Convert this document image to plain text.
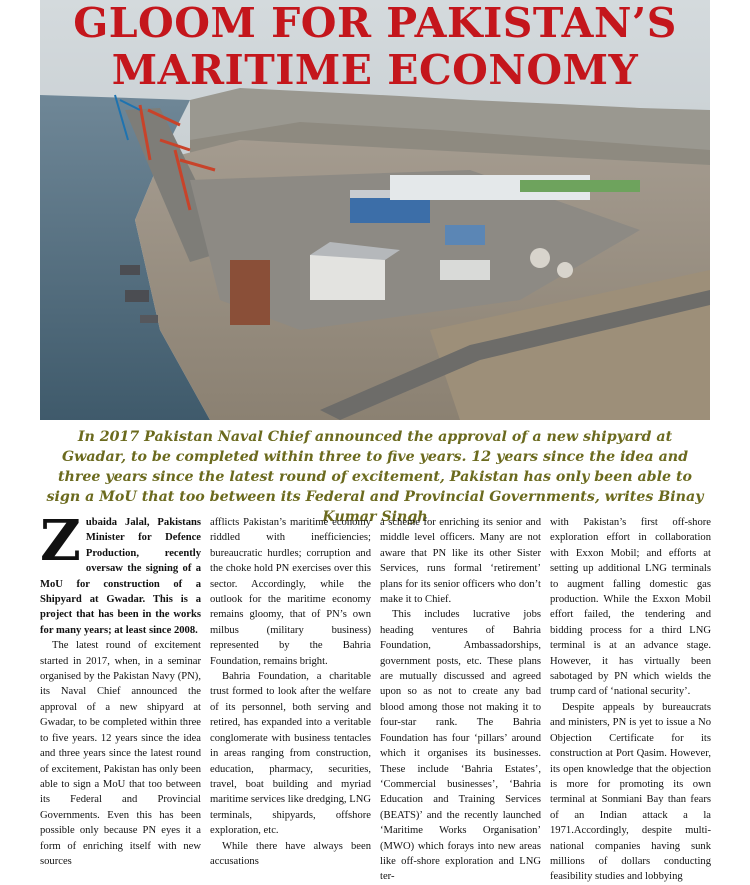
GLOOM FOR PAKISTAN’S
MARITIME ECONOMY

In 2017 Pakistan Naval Chief announced the approval of a new shipyard at Gwadar, to be completed within three to five years. 12 years since the idea and three years since the latest round of excitement, Pakistan has only been able to sign a MoU that too between its Federal and Provincial Governments, writes Binay Kumar Singh

Zubaida Jalal, Pakistans Minister for Defence Production, recently oversaw the signing of a MoU for construction of a Shipyard at Gwadar. This is a project that has been in the works for many years; at least since 2008.

The latest round of excitement started in 2017, when, in a seminar organised by the Pakistan Navy (PN), its Naval Chief announced the approval of a new shipyard at Gwadar, to be completed within three to five years. 12 years since the idea and three years since the latest round of excitement, Pakistan has only been able to sign a MoU that too between its Federal and Provincial Governments. Even this has been possible only because PN eyes it a form of enriching itself with new sources

afflicts Pakistan’s maritime economy riddled with inefficiencies; bureaucratic hurdles; corruption and the choke hold PN exercises over this sector. Accordingly, while the outlook for the maritime economy remains gloomy, that of PN’s own milbus (military business) represented by the Bahria Foundation, remains bright.

Bahria Foundation, a charitable trust formed to look after the welfare of its personnel, both serving and retired, has expanded into a veritable conglomerate with business tentacles in areas ranging from construction, education, pharmacy, securities, travel, boat building and myriad maritime services like dredging, LNG terminals, shipyards, offshore exploration, etc.

While there have always been accusations

a scheme for enriching its senior and middle level officers. Many are not aware that PN like its other Sister Services, runs formal ‘retirement’ plans for its senior officers who don’t make it to Chief.

This includes lucrative jobs heading ventures of Bahria Foundation, Ambassadorships, government posts, etc. These plans are mutually discussed and agreed upon so as not to create any bad blood among those not making it to four-star rank. The Bahria Foundation has four ‘pillars’ around which it organises its businesses. These include ‘Bahria Estates’, ‘Commercial businesses’, ‘Bahria Education and Training Services (BEATS)’ and the recently launched ‘Maritime Works Organisation’ (MWO) which forays into new areas like off-shore exploration and LNG ter-

with Pakistan’s first off-shore exploration effort in collaboration with Exxon Mobil; and efforts at setting up additional LNG terminals to augment falling domestic gas production. While the Exxon Mobil effort failed, the tendering and bidding process for a third LNG terminal is at an advance stage. However, it has virtually been sabotaged by PN which wields the trump card of ‘national security’.

Despite appeals by bureaucrats and ministers, PN is yet to issue a No Objection Certificate for its construction at Port Qasim. However, its open knowledge that the objection is more for promoting its own terminal at Sonmiani Bay than fears of an Indian attack a la 1971.Accordingly, despite multi-national companies having sunk millions of dollars conducting feasibility studies and lobbying
